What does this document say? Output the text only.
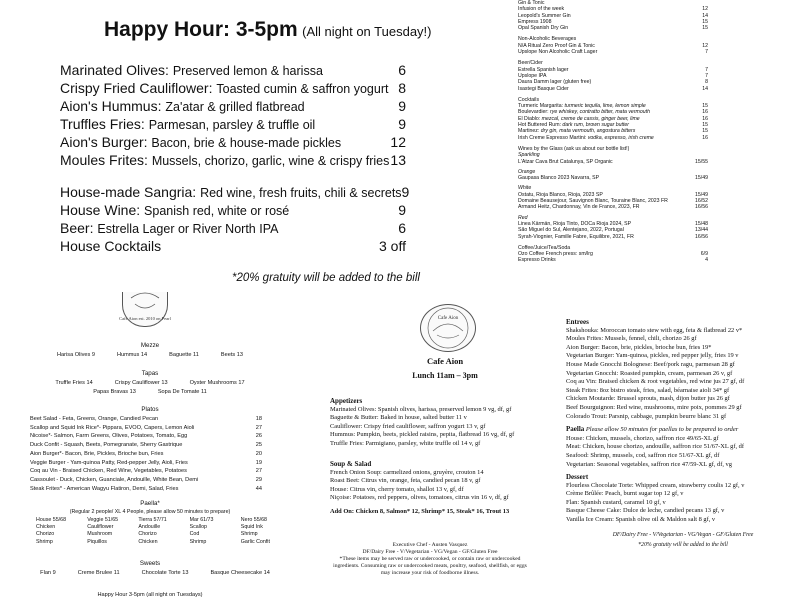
Happy Hour: 3-5pm (All night on Tuesday!)
Marinated Olives: Preserved lemon & harissa	6
Crispy Fried Cauliflower: Toasted cumin & saffron yogurt 8
Aion's Hummus: Za'atar & grilled flatbread	9
Truffles Fries: Parmesan, parsley & truffle oil	9
Aion's Burger: Bacon, brie & house-made pickles	12
Moules Frites: Mussels, chorizo, garlic, wine & crispy fries 13
House-made Sangria: Red wine, fresh fruits, chili & secrets 9
House Wine: Spanish red, white or rosé	9
Beer: Estrella Lager or River North IPA	6
House Cocktails	3 off
*20% gratuity will be added to the bill
Gin & Tonic
Infusion of the week	12
Leopold's Summer Gin	14
Empress 1908	15
Opal Spanish Dry Gin	15
Non-Alcoholic Beverages
N/A Ritual Zero Proof Gin & Tonic	12
Upslope Non Alcoholic Craft Lager	7
Beer/Cider
Estrella Spanish lager	7
Upslope IPA	7
Daura Damm lager (gluten free)	8
Isastegi Basque Cider	14
Cocktails
Turmeric Margarita: turmeric tequila, lime, lemon simple	15
Boulevardier: rye whiskey, contratto bitter, mata vermouth	16
El Diablo: mezcal, creme de cassis, ginger beer, lime	16
Hot Buttered Rum: dark rum, brown sugar butter	15
Martinez: dry gin, mata vermouth, angostura bitters	15
Irish Creme Espresso Martini: vodka, espresso, irish creme	16
Wines by the Glass (ask us about our bottle list!)
Sparkling
L'Atzar Cava Brut Catalunya, SP Organic	15/55
Orange
Gaupasa Blanco 2023 Navarra, SP	15/49
White
Ostatu, Rioja Blanco, Rioja, 2023 SP	15/49
Domaine Beausejour, Sauvignon Blanc, Touraine Blanc, 2023 FR	16/52
Armand Heitz, Chardonnay, Vin de France, 2023, FR	16/56
Red
Linea Kärmän, Rioja Tinto, DOCa Rioja 2024, SP	15/48
São Miguel do Sul, Alentejano, 2022, Portugal	13/44
Syrah-Viognier, Famille Fabre, Equilibre, 2021, FR	16/56
Coffee/Juice/Tea/Soda
Ozo Coffee French press: sm/lrg	6/9
Espresso Drinks	4
Cafe Aion est. 2010 on Pearl
Mezze
Harisa Olives 9	Hummus 14	Baguette 11	Beets 13
Tapas
Truffle Fries 14	Crispy Cauliflower 13	Oyster Mushrooms 17
Papas Bravas 13	Sopa De Tomate 11
Platos
Beet Salad - Feta, Greens, Orange, Candied Pecan	18
Scallop and Squid Ink Rice*- Pippara, EVOO, Capers, Lemon Aioli	27
Nicoise*- Salmon, Farm Greens, Olives, Potatoes, Tomato, Egg	26
Duck Confit - Squash, Beets, Pomegranate, Sherry Gastrique	25
Aion Burger*- Bacon, Brie, Pickles, Brioche bun, Fries	20
Veggie Burger - Yam-quinoa Patty, Red-pepper Jelly, Aioli, Fries	19
Coq au Vin - Braised Chicken, Red Wine, Vegetables, Potatoes	27
Cassoulet - Duck, Chicken, Guanciale, Andouille, White Bean, Demi	29
Steak Frites* - American Wagyu Flatiron, Demi, Salad, Fries	44
Paella*
(Regular 2 people/ XL 4 People, please allow 50 minutes to prepare)
House 55/68	Veggie 51/65	Tierra 57/71	Mar 61/73	Nero 55/68
Chicken	Cauliflower	Andouille	Scallop	Squid Ink
Chorizo	Mushroom	Chorizo	Cod	Shrimp
Shrimp	Piquillos	Chicken	Shrimp	Garlic Confit
Sweets
Flan 9	Creme Brulee 11	Chocolate Torte 13	Basque Cheesecake 14
Happy Hour 3-5pm (all night on Tuesdays)
Cafe Aion
Cafe Aion
Lunch 11am – 3pm
Appetizers
Marinated Olives: Spanish olives, harissa, preserved lemon 9 vg, df, gf
Baguette & Butter: Baked in house, salted butter 11 v
Cauliflower: Crispy fried cauliflower, saffron yogurt 13 v, gf
Hummus: Pumpkin, beets, pickled raisins, pepita, flatbread 16 vg, df, gf
Truffle Fries: Parmigiano, parsley, white truffle oil 14 v, gf
Soup & Salad
French Onion Soup: carmelized onions, gruyère, crouton 14
Roast Beet: Citrus vin, orange, feta, candied pecan 18 v, gf
House: Citrus vin, cherry tomato, shallot 13 v, gf, df
Niçoise: Potatoes, red peppers, olives, tomatoes, citrus vin 16 v, df, gf
Add On: Chicken 8, Salmon* 12, Shrimp* 15, Steak* 16, Trout 13
Executive Chef - Austen Vasquez
DF/Dairy Free - V/Vegetarian - VG/Vegan - GF/Gluten Free
*These items may be served raw or undercooked, or contain raw or undercooked ingredients. Consuming raw or undercooked meats, poultry, seafood, shellfish, or eggs may increase your risk of foodborne illness.
Entrees
Shakshouka: Moroccan tomato stew with egg, feta & flatbread 22 v*
Moules Frites: Mussels, fennel, chili, chorizo 26 gf
Aion Burger: Bacon, brie, pickles, brioche bun, fries 19*
Vegetarian Burger: Yam-quinoa, pickles, red pepper jelly, fries 19 v
House Made Gnocchi Bolognese: Beef/pork ragu, parmesan 28 gf
Vegetarian Gnocchi: Roasted pumpkin, cream, parmesan 26 v, gf
Coq au Vin: Braised chicken & root vegetables, red wine jus 27 gf, df
Steak Frites: 8oz bistro steak, fries, salad, béarnaise aioli 34* gf
Chicken Moutarde: Brussel sprouts, mash, dijon butter jus 26 gf
Beef Bourguignon: Red wine, mushrooms, mire poix, pommes 29 gf
Colorado Trout: Parsnip, cabbage, pumpkin beurre blanc 31 gf
Paella Please allow 50 minutes for paellas to be prepared to order
House: Chicken, mussels, chorizo, saffron rice 49/65-XL gf
Meat: Chicken, house chorizo, andouille, saffron rice 51/67-XL gf, df
Seafood: Shrimp, mussels, cod, saffron rice 51/67-XL gf, df
Vegetarian: Seasonal vegetables, saffron rice 47/59-XL gf, df, vg
Dessert
Flourless Chocolate Torte: Whipped cream, strawberry coulis 12 gf, v
Crème Brûlée: Peach, burnt sugar top 12 gf, v
Flan: Spanish custard, caramel 10 gf, v
Basque Cheese Cake: Dulce de leche, candied pecans 13 gf, v
Vanilla Ice Cream: Spanish olive oil & Maldon salt 8 gf, v
DF/Dairy Free - V/Vegetarian - VG/Vegan - GF/Gluten Free
*20% gratuity will be added to the bill
